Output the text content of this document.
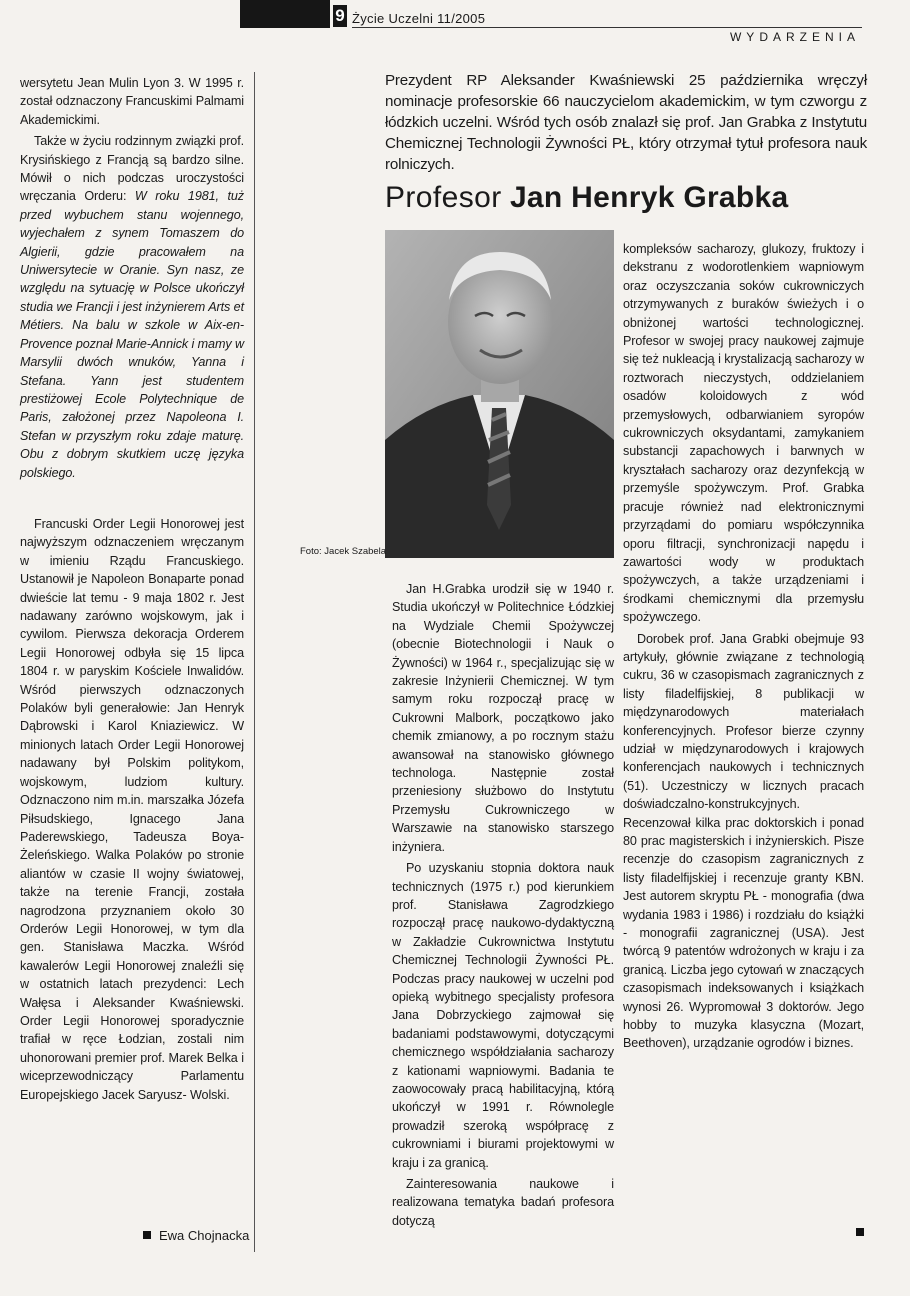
9 Życie Uczelni 11/2005
WYDARZENIA

wersytetu Jean Mulin Lyon 3. W 1995 r. został odznaczony Francuskimi Palmami Akademickimi.

Także w życiu rodzinnym związki prof. Krysińskiego z Francją są bardzo silne. Mówił o nich podczas uroczystości wręczania Orderu: W roku 1981, tuż przed wybuchem stanu wojennego, wyjechałem z synem Tomaszem do Algierii, gdzie pracowałem na Uniwersytecie w Oranie. Syn nasz, ze względu na sytuację w Polsce ukończył studia we Francji i jest inżynierem Arts et Métiers. Na balu w szkole w Aix-en-Provence poznał Marie-Annick i mamy w Marsylii dwóch wnuków, Yanna i Stefana. Yann jest studentem prestiżowej Ecole Polytechnique de Paris, założonej przez Napoleona I. Stefan w przyszłym roku zdaje maturę. Obu z dobrym skutkiem uczę języka polskiego.

Francuski Order Legii Honorowej jest najwyższym odznaczeniem wręczanym w imieniu Rządu Francuskiego. Ustanowił je Napoleon Bonaparte ponad dwieście lat temu - 9 maja 1802 r. Jest nadawany zarówno wojskowym, jak i cywilom. Pierwsza dekoracja Orderem Legii Honorowej odbyła się 15 lipca 1804 r. w paryskim Kościele Inwalidów. Wśród pierwszych odznaczonych Polaków byli generałowie: Jan Henryk Dąbrowski i Karol Kniaziewicz. W minionych latach Order Legii Honorowej nadawany był Polskim politykom, wojskowym, ludziom kultury. Odznaczono nim m.in. marszałka Józefa Piłsudskiego, Ignacego Jana Paderewskiego, Tadeusza Boya-Żeleńskiego. Walka Polaków po stronie aliantów w czasie II wojny światowej, także na terenie Francji, została nagrodzona przyznaniem około 30 Orderów Legii Honorowej, w tym dla gen. Stanisława Maczka. Wśród kawalerów Legii Honorowej znaleźli się w ostatnich latach prezydenci: Lech Wałęsa i Aleksander Kwaśniewski. Order Legii Honorowej sporadycznie trafiał w ręce Łodzian, zostali nim uhonorowani premier prof. Marek Belka i wiceprzewodniczący Parlamentu Europejskiego Jacek Saryusz- Wolski.

Ewa Chojnacka
Prezydent RP Aleksander Kwaśniewski 25 października wręczył nominacje profesorskie 66 nauczycielom akademickim, w tym czworgu z łódzkich uczelni. Wśród tych osób znalazł się prof. Jan Grabka z Instytutu Chemicznej Technologii Żywności PŁ, który otrzymał tytuł profesora nauk rolniczych.
Profesor Jan Henryk Grabka
Foto: Jacek Szabela

Jan H.Grabka urodził się w 1940 r. Studia ukończył w Politechnice Łódzkiej na Wydziale Chemii Spożywczej (obecnie Biotechnologii i Nauk o Żywności) w 1964 r., specjalizując się w zakresie Inżynierii Chemicznej. W tym samym roku rozpoczął pracę w Cukrowni Malbork, początkowo jako chemik zmianowy, a po rocznym stażu awansował na stanowisko głównego technologa. Następnie został przeniesiony służbowo do Instytutu Przemysłu Cukrowniczego w Warszawie na stanowisko starszego inżyniera.

Po uzyskaniu stopnia doktora nauk technicznych (1975 r.) pod kierunkiem prof. Stanisława Zagrodzkiego rozpoczął pracę naukowo-dydaktyczną w Zakładzie Cukrownictwa Instytutu Chemicznej Technologii Żywności PŁ. Podczas pracy naukowej w uczelni pod opieką wybitnego specjalisty profesora Jana Dobrzyckiego zajmował się badaniami podstawowymi, dotyczącymi chemicznego współdziałania sacharozy z kationami wapniowymi. Badania te zaowocowały pracą habilitacyjną, którą ukończył w 1991 r. Równolegle prowadził szeroką współpracę z cukrowniami i biurami projektowymi w kraju i za granicą.

Zainteresowania naukowe i realizowana tematyka badań profesora dotyczą

kompleksów sacharozy, glukozy, fruktozy i dekstranu z wodorotlenkiem wapniowym oraz oczyszczania soków cukrowniczych otrzymywanych z buraków świeżych i o obniżonej wartości technologicznej. Profesor w swojej pracy naukowej zajmuje się też nukleacją i krystalizacją sacharozy w roztworach nieczystych, oddzielaniem osadów koloidowych z wód przemysłowych, odbarwianiem syropów cukrowniczych oksydantami, zamykaniem substancji zapachowych i barwnych w kryształach sacharozy oraz dezynfekcją w przemyśle spożywczym. Prof. Grabka pracuje również nad elektronicznymi przyrządami do pomiaru współczynnika oporu filtracji, synchronizacji napędu i zawartości wody w produktach spożywczych, a także urządzeniami i środkami chemicznymi dla przemysłu spożywczego.

Dorobek prof. Jana Grabki obejmuje 93 artykuły, głównie związane z technologią cukru, 36 w czasopismach zagranicznych z listy filadelfijskiej, 8 publikacji w międzynarodowych materiałach konferencyjnych. Profesor bierze czynny udział w międzynarodowych i krajowych konferencjach naukowych i technicznych (51). Uczestniczy w licznych pracach doświadczalno-konstrukcyjnych. Recenzował kilka prac doktorskich i ponad 80 prac magisterskich i inżynierskich. Pisze recenzje do czasopism zagranicznych z listy filadelfijskiej i recenzuje granty KBN. Jest autorem skryptu PŁ - monografia (dwa wydania 1983 i 1986) i rozdziału do książki - monografii zagranicznej (USA). Jest twórcą 9 patentów wdrożonych w kraju i za granicą. Liczba jego cytowań w znaczących czasopismach indeksowanych i książkach wynosi 26. Wypromował 3 doktorów. Jego hobby to muzyka klasyczna (Mozart, Beethoven), urządzanie ogrodów i biznes.
